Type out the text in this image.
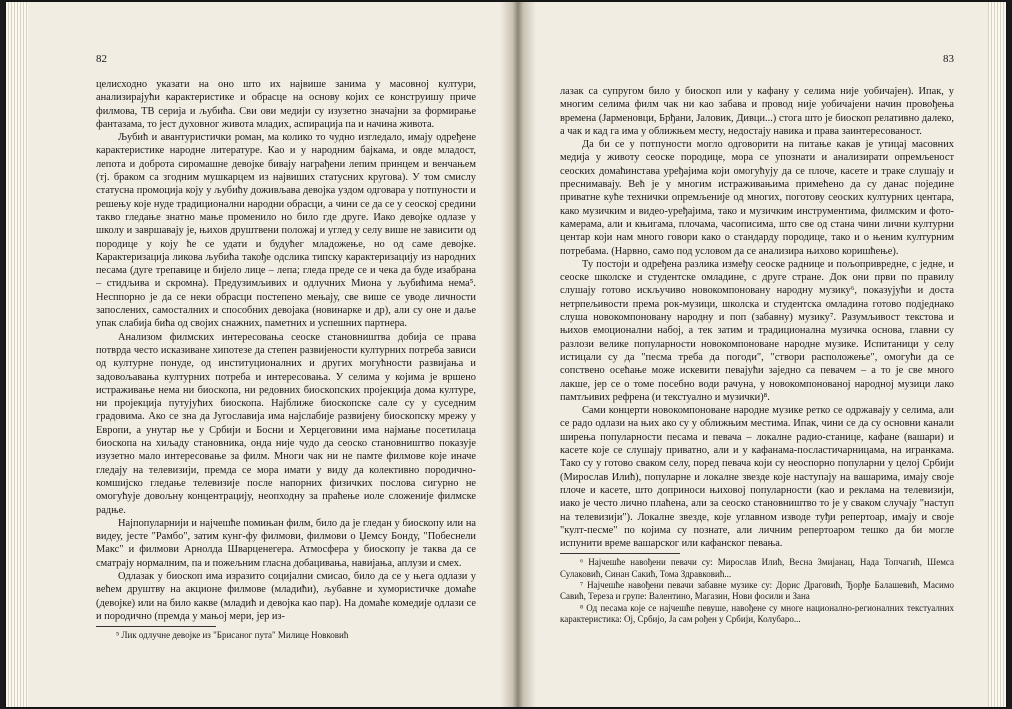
82

целисходно указати на оно што их највише занима у масовној култури, анализирајући карактеристике и обрасце на основу којих се конструишу приче филмова, ТВ серија и љубића. Сви ови медији су изузетно значајни за формирање фантазама, то јест духовног живота младих, аспирација па и начина живота.

Љубић и авантуристички роман, ма колико то чудно изгледало, имају одређене карактеристике народне литературе. Као и у народним бајкама, и овде младост, лепота и доброта сиромашне девојке бивају награђени лепим принцем и венчањем (тј. браком са згодним мушкарцем из највиших статусних кругова). У том смислу статусна промоција коју у љубићу доживљава девојка уздом одговара у потпуности и решењу које нуде традиционални народни обрасци, а чини се да се у сеоској средини такво гледање знатно мање променило но било где друге. Иако девојке одлазе у школу и завршавају је, њихов друштвени положај и углед у селу више не зависити од породице у коју ће се удати и будућег младожење, но од саме девојке. Карактеризација ликова љубића такође одслика типску карактеризацију из народних песама (дуге трепавице и бијело лице – лепа; гледа преде се и чека да буде изабрана – стидљива и скромна). Предузимљивих и одлучних Миона у љубићима нема⁵. Несппорно је да се неки обрасци постепено мењају, све више се уводе личности запослених, самосталних и способних девојака (новинарке и др), али су оне и даље упак слабија бића од својих снажних, паметних и успешних партнера.

Анализом филмских интересовања сеоске становништва добија се права потврда често исказиване хипотезе да степен развијености културних потреба зависи од културне понуде, од институционалних и других могућности развијања и задовољавања културних потреба и интересовања. У селима у којима је вршено истраживање нема ни биоскопа, ни редовних биоскопских пројекција дома културе, ни пројекција путујућих биоскопа. Најближе биоскопске сале су у суседним градовима. Ако се зна да Југославија има најслабије развијену биоскопску мрежу у Европи, а унутар ње у Србији и Босни и Херцеговини има најмање посетилаца биоскопа на хиљаду становника, онда није чудо да сеоско становништво показује изузетно мало интересовање за филм. Многи чак ни не памте филмове које иначе гледају на телевизији, премда се мора имати у виду да колективно породично-комшијско гледање телевизије после напорних физичких послова сигурно не омогућује довољну концентрацију, неопходну за праћење иоле сложеније филмске радње.

Најпопуларнији и најчешће помињан филм, било да је гледан у биоскопу или на видеу, јесте "Рамбо", затим кунг-фу филмови, филмови о Џемсу Бонду, "Побеснели Макс" и филмови Арнолда Шварценегера. Атмосфера у биоскопу је таква да се сматрају нормалним, па и пожељним гласна добацивања, навијања, аплузи и смех.

Одлазак у биоскоп има изразито социјални смисао, било да се у њега одлази у већем друштву на акционе филмове (младићи), љубавне и хумористичке домаће (девојке) или на било какве (младић и девојка као пар). На домаће комедије одлази се и породично (премда у мањој мери, јер из-

⁵ Лик одлучне девојке из "Брисаног пута" Милице Новковић

83

лазак са супругом било у биоскоп или у кафану у селима није уобичајен). Ипак, у многим селима филм чак ни као забава и провод није уобичајени начин провођења времена (Јарменовци, Брђани, Јаловик, Дивци...) стога што је биоскоп релативно далеко, а чак и кад га има у оближњем месту, недостају навика и права заинтересованост.

Да би се у потпуности могло одговорити на питање какав је утицај масовних медија у животу сеоске породице, мора се упознати и анализирати опремљеност сеоских домаћинстава уређајима који омогућују да се плоче, касете и траке слушају и преснимавају. Већ је у многим истраживањима примећено да су данас поједине приватне куће технички опремљеније од многих, поготову сеоских културних центара, како музичким и видео-уређајима, тако и музичким инструментима, филмским и фото-камерама, али и књигама, плочама, часописима, што све од стана чини лични културни центар који нам много говори како о стандарду породице, тако и о њеним културним потребама. (Нарвно, само под условом да се анализира њихово коришћење).

Ту постоји и одређена разлика између сеоске раднице и пољопривредне, с једне, и сеоске школске и студентске омладине, с друге стране. Док они први по правилу слушају готово искључиво новокомпоновану народну музику⁶, показујући и доста нетрпељивости према рок-музици, школска и студентска омладина готово подједнако слуша новокомпоновану народну и поп (забавну) музику⁷. Разумљивост текстова и њихов емоционални набој, а тек затим и традиционална музичка основа, главни су разлози велике популарности новокомпоноване народне музике. Испитаници у селу истицали су да "песма треба да погоди", "створи расположење", омогући да се сопствено осећање може искевити певајући заједно са певачем – а то је све много лакше, јер се о томе посебно води рачуна, у новокомпонованој народној музици лако памтљивих рефрена (и текстуално и музички)⁸.

Сами концерти новокомпоноване народне музике ретко се одржавају у селима, али се радо одлази на њих ако су у оближњим местима. Ипак, чини се да су основни канали ширења популарности песама и певача – локалне радио-станице, кафане (вашари) и касете које се слушају приватно, али и у кафанама-посластичарницама, на игранкама. Тако су у готово сваком селу, поред певача који су неоспорно популарни у целој Србији (Мирослав Илић), популарне и локалне звезде које наступају на вашарима, имају своје плоче и касете, што доприноси њиховој популарности (као и реклама на телевизији, иако је често лично плаћена, али за сеоско становништво то је у сваком случају "наступ на телевизији"). Локалне звезде, које углавном изводе туђи репертоар, имају и своје "култ-песме" по којима су познате, али личним репертоаром тешко да би могле испунити време вашарског или кафанског певања.

⁶ Најчешће навођени певачи су: Мирослав Илић, Весна Змијанац, Нада Топчагић, Шемса Сулаковић, Синан Сакић, Тома Здравковић...

⁷ Најчешће навођени певачи забавне музике су: Дорис Драговић, Ђорђе Балашевић, Масимо Савић, Тереза и групе: Валентино, Магазин, Нови фосили и Зана

⁸ Од песама које се најчешће певуше, навођене су многе национално-регионалних текстуалних карактеристика: Ој, Србијо, Ја сам рођен у Србији, Колубаро...
